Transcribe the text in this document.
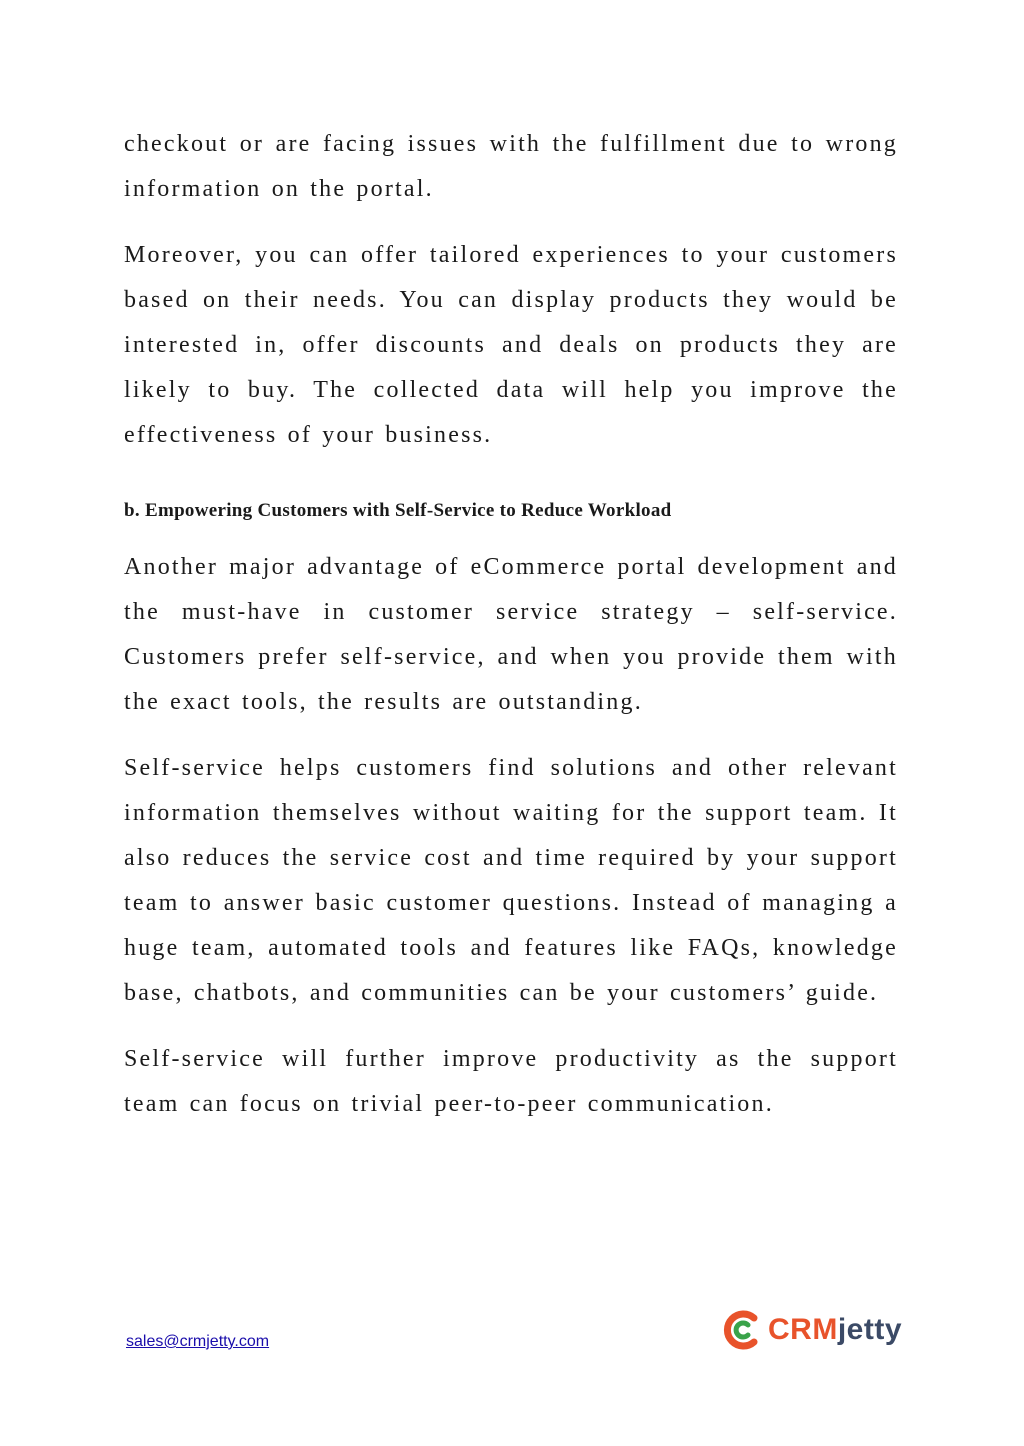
checkout or are facing issues with the fulfillment due to wrong information on the portal.

Moreover, you can offer tailored experiences to your customers based on their needs. You can display products they would be interested in, offer discounts and deals on products they are likely to buy. The collected data will help you improve the effectiveness of your business.

b. Empowering Customers with Self-Service to Reduce Workload

Another major advantage of eCommerce portal development and the must-have in customer service strategy – self-service. Customers prefer self-service, and when you provide them with the exact tools, the results are outstanding.

Self-service helps customers find solutions and other relevant information themselves without waiting for the support team. It also reduces the service cost and time required by your support team to answer basic customer questions. Instead of managing a huge team, automated tools and features like FAQs, knowledge base, chatbots, and communities can be your customers’ guide.

Self-service will further improve productivity as the support team can focus on trivial peer-to-peer communication.

sales@crmjetty.com	CRMjetty
